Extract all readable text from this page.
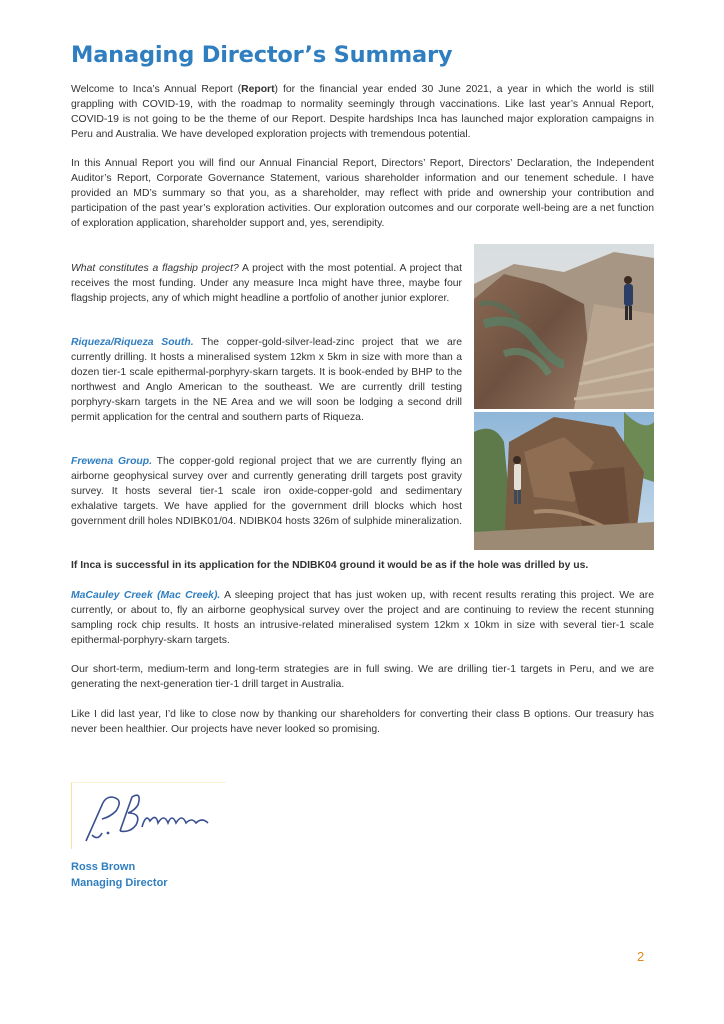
Managing Director’s Summary

Welcome to Inca’s Annual Report (Report) for the financial year ended 30 June 2021, a year in which the world is still grappling with COVID-19, with the roadmap to normality seemingly through vaccinations. Like last year’s Annual Report, COVID-19 is not going to be the theme of our Report. Despite hardships Inca has launched major exploration campaigns in Peru and Australia. We have developed exploration projects with tremendous potential.

In this Annual Report you will find our Annual Financial Report, Directors’ Report, Directors’ Declaration, the Independent Auditor’s Report, Corporate Governance Statement, various shareholder information and our tenement schedule. I have provided an MD’s summary so that you, as a shareholder, may reflect with pride and ownership your contribution and participation of the past year’s exploration activities. Our exploration outcomes and our corporate well-being are a net function of exploration application, shareholder support and, yes, serendipity.

What constitutes a flagship project? A project with the most potential. A project that receives the most funding. Under any measure Inca might have three, maybe four flagship projects, any of which might headline a portfolio of another junior explorer.

Riqueza/Riqueza South. The copper-gold-silver-lead-zinc project that we are currently drilling. It hosts a mineralised system 12km x 5km in size with more than a dozen tier-1 scale epithermal-porphyry-skarn targets. It is book-ended by BHP to the northwest and Anglo American to the southeast. We are currently drill testing porphyry-skarn targets in the NE Area and we will soon be lodging a second drill permit application for the central and southern parts of Riqueza.

Frewena Group. The copper-gold regional project that we are currently flying an airborne geophysical survey over and currently generating drill targets post gravity survey. It hosts several tier-1 scale iron oxide-copper-gold and sedimentary exhalative targets. We have applied for the government drill blocks which host government drill holes NDIBK01/04. NDIBK04 hosts 326m of sulphide mineralization.

If Inca is successful in its application for the NDIBK04 ground it would be as if the hole was drilled by us.

MaCauley Creek (Mac Creek). A sleeping project that has just woken up, with recent results rerating this project. We are currently, or about to, fly an airborne geophysical survey over the project and are continuing to review the recent stunning sampling rock chip results. It hosts an intrusive-related mineralised system 12km x 10km in size with several tier-1 scale epithermal-porphyry-skarn targets.

Our short-term, medium-term and long-term strategies are in full swing. We are drilling tier-1 targets in Peru, and we are generating the next-generation tier-1 drill target in Australia.

Like I did last year, I’d like to close now by thanking our shareholders for converting their class B options. Our treasury has never been healthier. Our projects have never looked so promising.

Ross Brown
Managing Director
2
